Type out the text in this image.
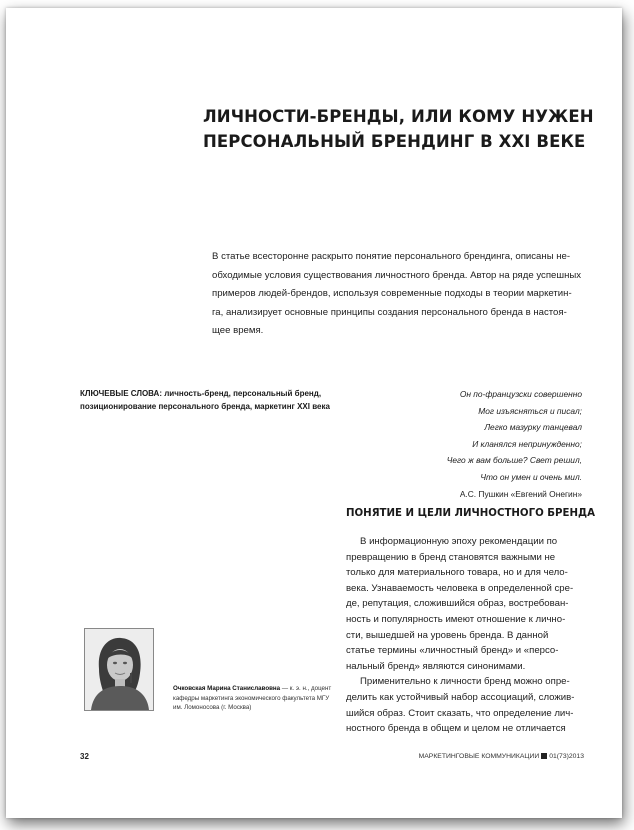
ЛИЧНОСТИ-БРЕНДЫ, ИЛИ КОМУ НУЖЕН
ПЕРСОНАЛЬНЫЙ БРЕНДИНГ В XXI ВЕКЕ
В статье всесторонне раскрыто понятие персонального брендинга, описаны не-
обходимые условия существования личностного бренда. Автор на ряде успешных
примеров людей-брендов, используя современные подходы в теории маркетин-
га, анализирует основные принципы создания персонального бренда в настоя-
щее время.
КЛЮЧЕВЫЕ СЛОВА: личность-бренд, персональный бренд,
позиционирование персонального бренда, маркетинг XXI века
Он по-французски совершенно
Мог изъясняться и писал;
Легко мазурку танцевал
И кланялся непринужденно;
Чего ж вам больше? Свет решил,
Что он умен и очень мил.
А.С. Пушкин «Евгений Онегин»
ПОНЯТИЕ И ЦЕЛИ ЛИЧНОСТНОГО БРЕНДА
В информационную эпоху рекомендации по
превращению в бренд становятся важными не
только для материального товара, но и для чело-
века. Узнаваемость человека в определенной сре-
де, репутация, сложившийся образ, востребован-
ность и популярность имеют отношение к лично-
сти, вышедшей на уровень бренда. В данной
статье термины «личностный бренд» и «персо-
нальный бренд» являются синонимами.
Применительно к личности бренд можно опре-
делить как устойчивый набор ассоциаций, сложив-
шийся образ. Стоит сказать, что определение лич-
ностного бренда в общем и целом не отличается
Очковская Марина Станиславовна — к. э. н., доцент
кафедры маркетинга экономического факультета МГУ
им. Ломоносова (г. Москва)
32	МАРКЕТИНГОВЫЕ КОММУНИКАЦИИ 01(73)2013
